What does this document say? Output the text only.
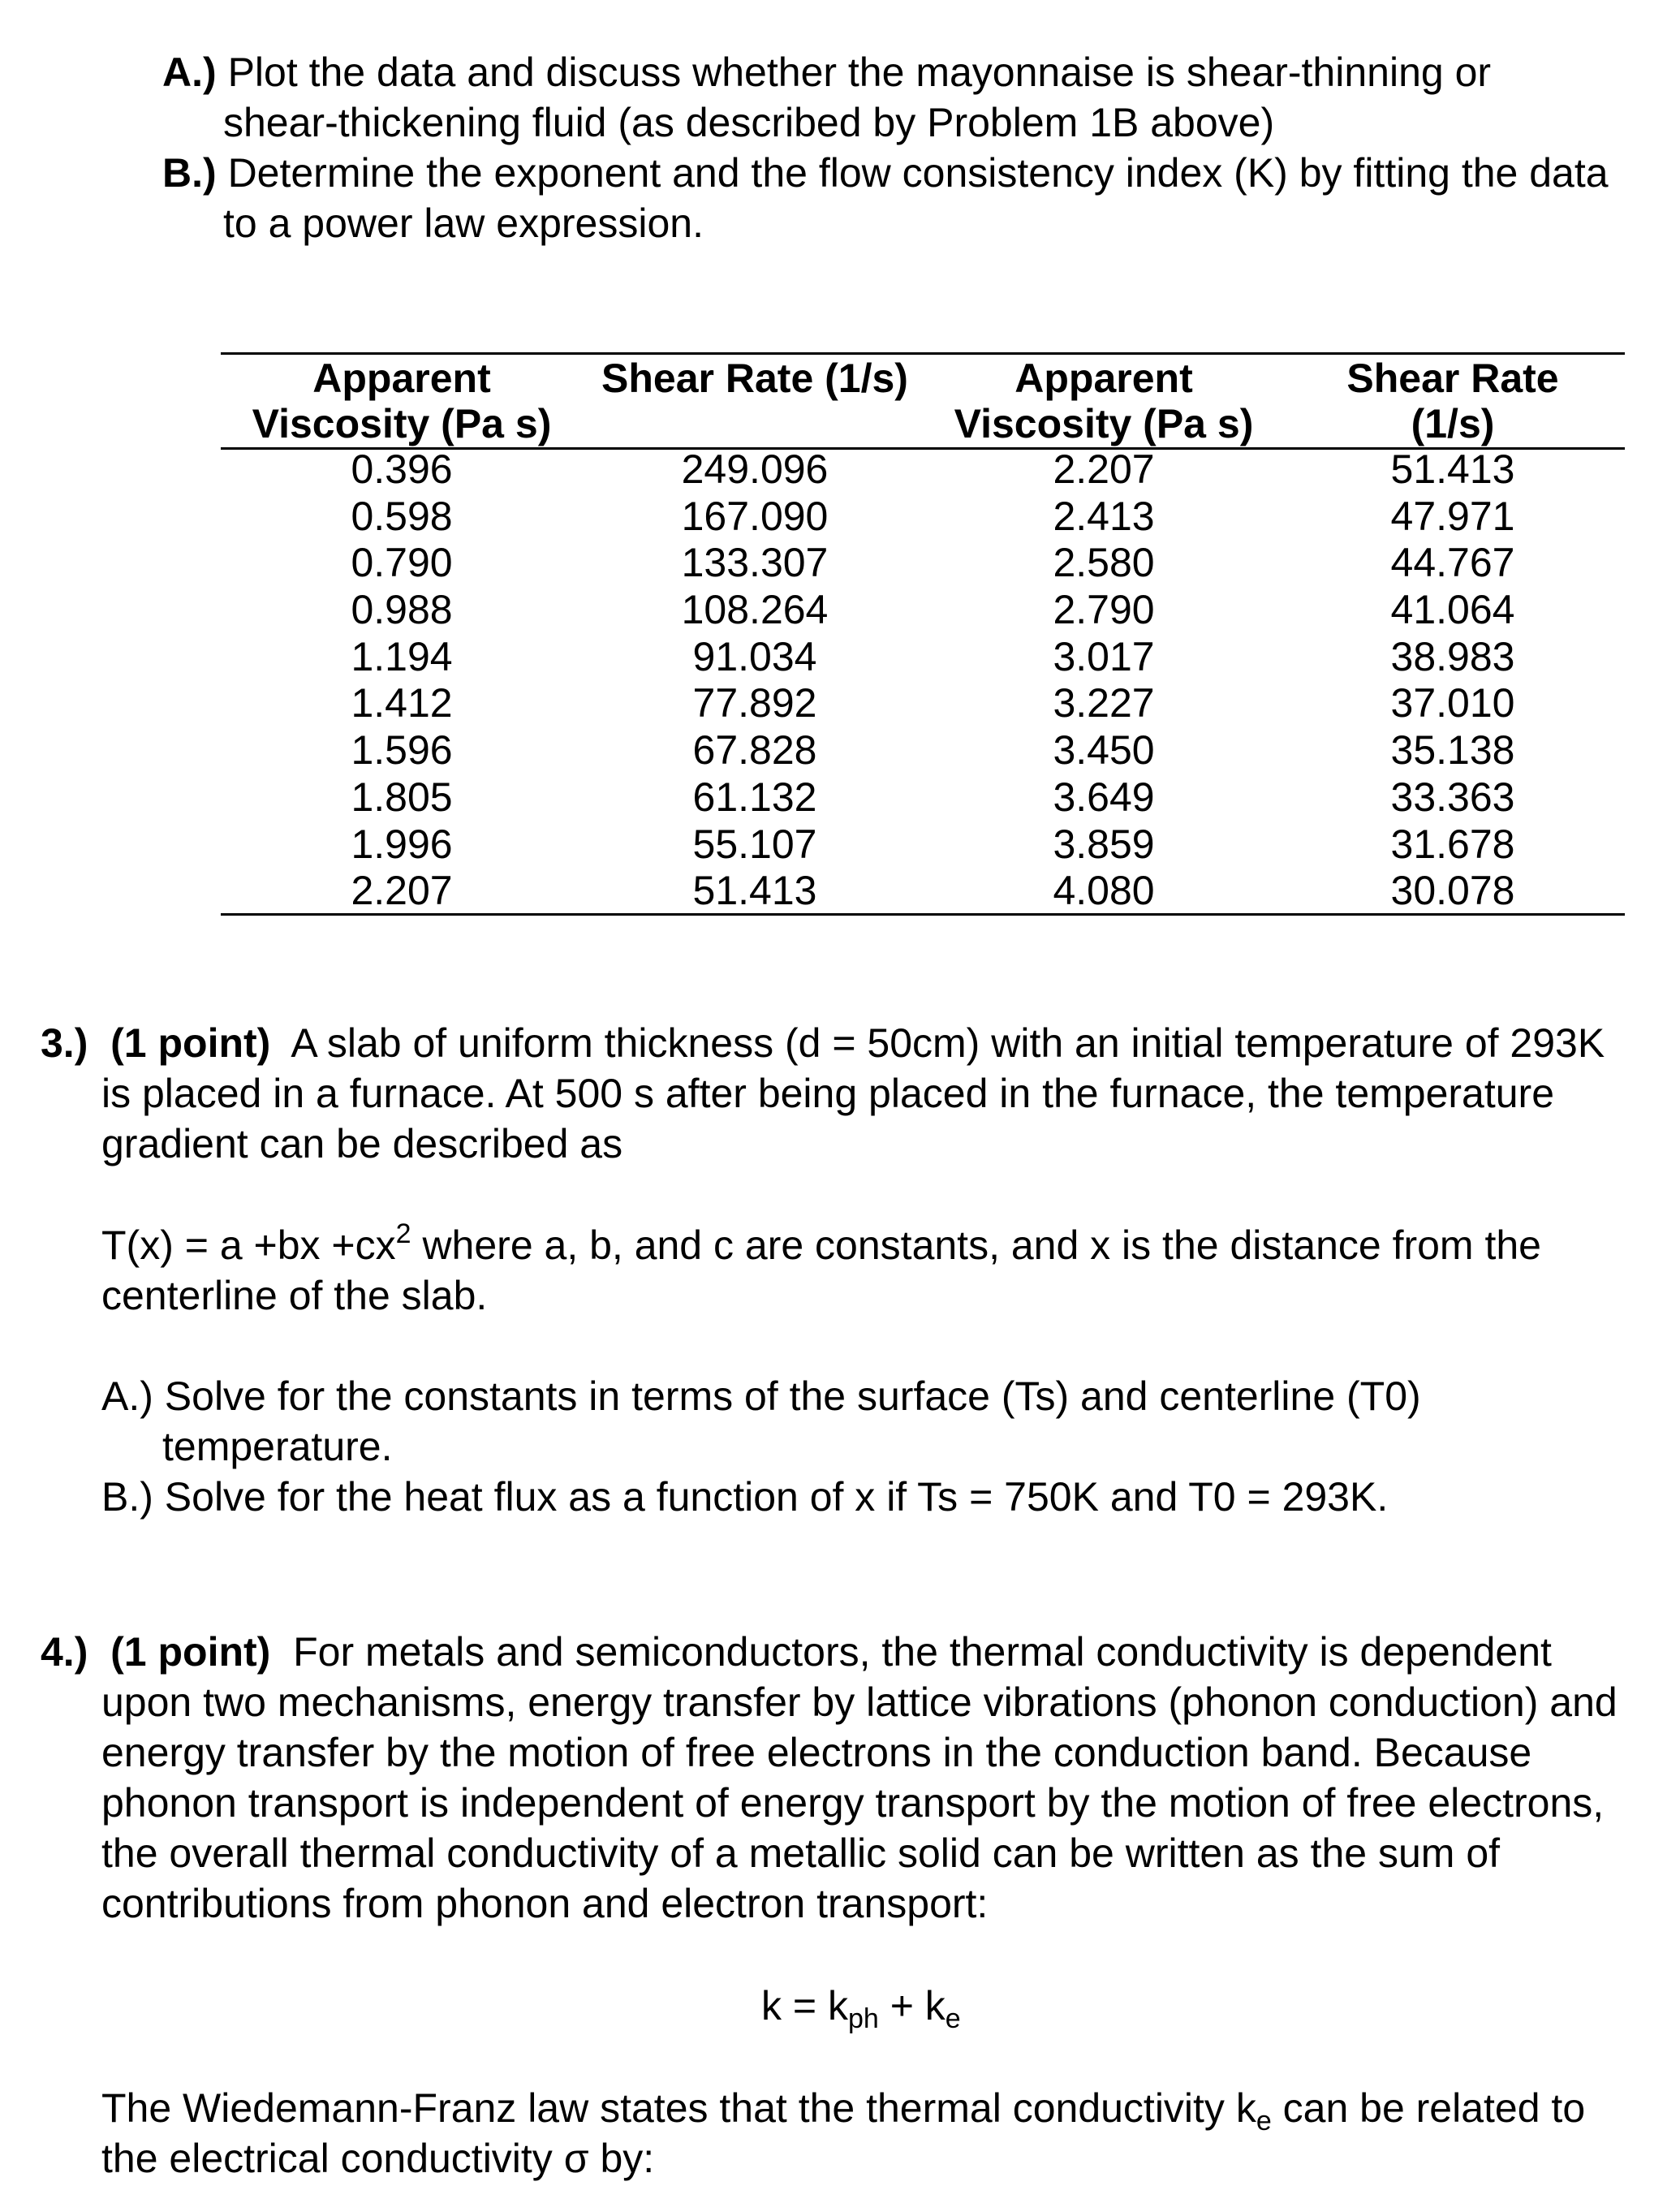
A.) Plot the data and discuss whether the mayonnaise is shear-thinning or
shear-thickening fluid (as described by Problem 1B above)
B.) Determine the exponent and the flow consistency index (K) by fitting the data
to a power law expression.
Apparent
Viscosity (Pa s)
0.396
0.598
0.790
0.988
1.194
1.412
1.596
1.805
1.996
2.207
Shear Rate (1/s)

249.096
167.090
133.307
108.264
91.034
77.892
67.828
61.132
55.107
51.413
Apparent
Viscosity (Pa s)
2.207
2.413
2.580
2.790
3.017
3.227
3.450
3.649
3.859
4.080
Shear Rate
(1/s)
51.413
47.971
44.767
41.064
38.983
37.010
35.138
33.363
31.678
30.078
3.) (1 point) A slab of uniform thickness (d = 50cm) with an initial temperature of 293K
is placed in a furnace. At 500 s after being placed in the furnace, the temperature
gradient can be described as
$T(x) = a +bx +cx^2$ where a, b, and c are constants, and x is the distance from the
centerline of the slab.
A.) Solve for the constants in terms of the surface (Ts) and centerline (T0)
temperature.
B.) Solve for the heat flux as a function of x if Ts = 750K and T0 = 293K.
4.) (1 point) For metals and semiconductors, the thermal conductivity is dependent
upon two mechanisms, energy transfer by lattice vibrations (phonon conduction) and
energy transfer by the motion of free electrons in the conduction band. Because
phonon transport is independent of energy transport by the motion of free electrons,
the overall thermal conductivity of a metallic solid can be written as the sum of
contributions from phonon and electron transport:
$k = k_{ph} + k_e$
The Wiedemann-Franz law states that the thermal conductivity $k_e$ can be related to
the electrical conductivity σ by:
